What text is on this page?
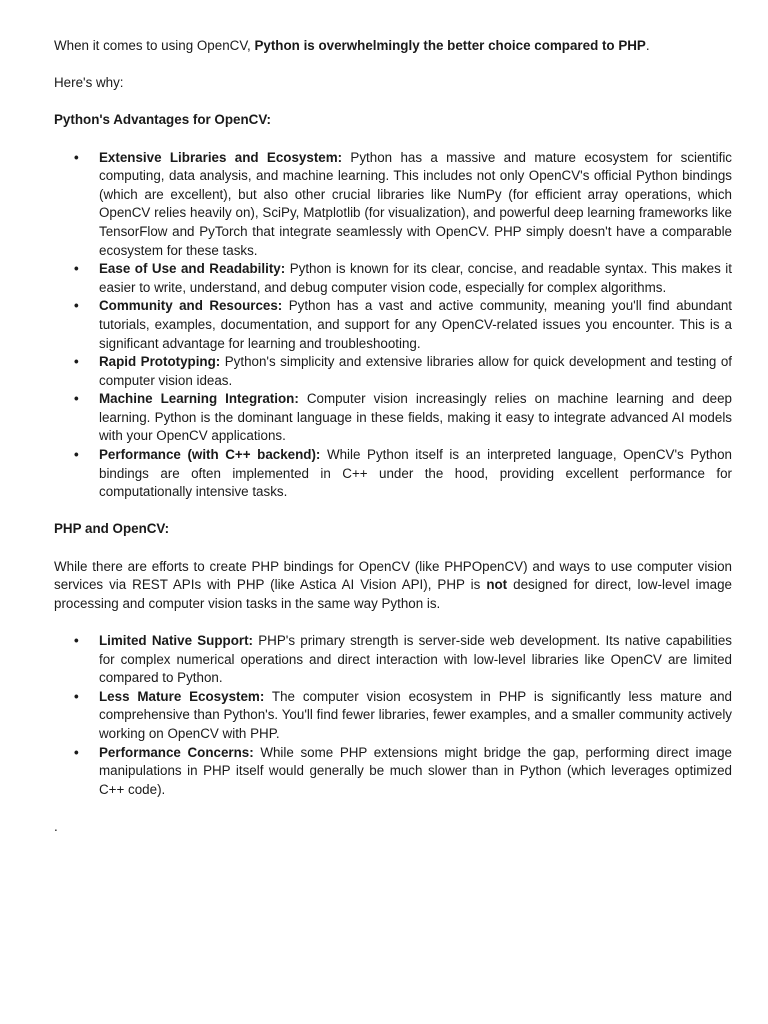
When it comes to using OpenCV, Python is overwhelmingly the better choice compared to PHP.

Here's why:

Python's Advantages for OpenCV:

• Extensive Libraries and Ecosystem: Python has a massive and mature ecosystem for scientific computing, data analysis, and machine learning. This includes not only OpenCV's official Python bindings (which are excellent), but also other crucial libraries like NumPy (for efficient array operations, which OpenCV relies heavily on), SciPy, Matplotlib (for visualization), and powerful deep learning frameworks like TensorFlow and PyTorch that integrate seamlessly with OpenCV. PHP simply doesn't have a comparable ecosystem for these tasks.
• Ease of Use and Readability: Python is known for its clear, concise, and readable syntax. This makes it easier to write, understand, and debug computer vision code, especially for complex algorithms.
• Community and Resources: Python has a vast and active community, meaning you'll find abundant tutorials, examples, documentation, and support for any OpenCV-related issues you encounter. This is a significant advantage for learning and troubleshooting.
• Rapid Prototyping: Python's simplicity and extensive libraries allow for quick development and testing of computer vision ideas.
• Machine Learning Integration: Computer vision increasingly relies on machine learning and deep learning. Python is the dominant language in these fields, making it easy to integrate advanced AI models with your OpenCV applications.
• Performance (with C++ backend): While Python itself is an interpreted language, OpenCV's Python bindings are often implemented in C++ under the hood, providing excellent performance for computationally intensive tasks.

PHP and OpenCV:

While there are efforts to create PHP bindings for OpenCV (like PHPOpenCV) and ways to use computer vision services via REST APIs with PHP (like Astica AI Vision API), PHP is not designed for direct, low-level image processing and computer vision tasks in the same way Python is.

• Limited Native Support: PHP's primary strength is server-side web development. Its native capabilities for complex numerical operations and direct interaction with low-level libraries like OpenCV are limited compared to Python.
• Less Mature Ecosystem: The computer vision ecosystem in PHP is significantly less mature and comprehensive than Python's. You'll find fewer libraries, fewer examples, and a smaller community actively working on OpenCV with PHP.
• Performance Concerns: While some PHP extensions might bridge the gap, performing direct image manipulations in PHP itself would generally be much slower than in Python (which leverages optimized C++ code).

.
